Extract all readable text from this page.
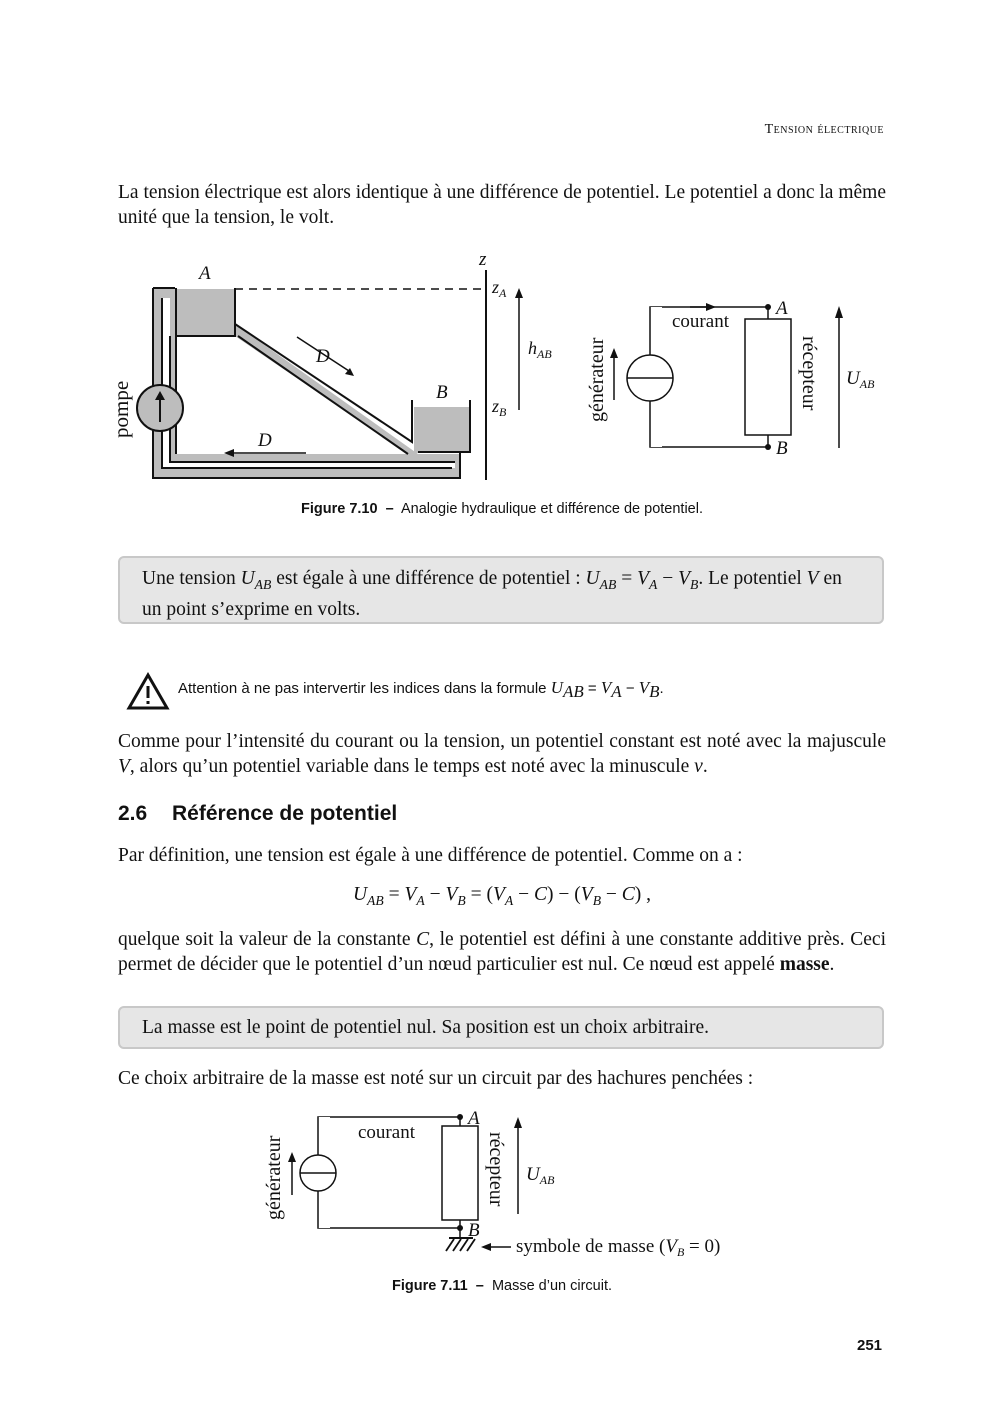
Tension électrique

La tension électrique est alors identique à une différence de potentiel. Le potentiel a donc la même unité que la tension, le volt.

A
B
D
D
z
$z_A$
$z_B$
$h_{AB}$
pompe
courant
A
B
générateur	récepteur $U_{AB}$
Figure 7.10 – Analogie hydraulique et différence de potentiel.

Une tension $U_{AB}$ est égale à une différence de potentiel : $U_{AB} = V_A - V_B$. Le potentiel V en un point s’exprime en volts.

Attention à ne pas intervertir les indices dans la formule $U_{AB} = V_A - V_B$.

Comme pour l’intensité du courant ou la tension, un potentiel constant est noté avec la majuscule V, alors qu’un potentiel variable dans le temps est noté avec la minuscule v.

2.6 Référence de potentiel

Par définition, une tension est égale à une différence de potentiel. Comme on a :

$U_{AB} = V_A - V_B = (V_A - C) - (V_B - C)$ ,

quelque soit la valeur de la constante C, le potentiel est défini à une constante additive près. Ceci permet de décider que le potentiel d’un nœud particulier est nul. Ce nœud est appelé masse.

La masse est le point de potentiel nul. Sa position est un choix arbitraire.

Ce choix arbitraire de la masse est noté sur un circuit par des hachures penchées :

courant
A
B
générateur	récepteur $U_{AB}$
symbole de masse $(V_B = 0)$
Figure 7.11 – Masse d’un circuit.
251
